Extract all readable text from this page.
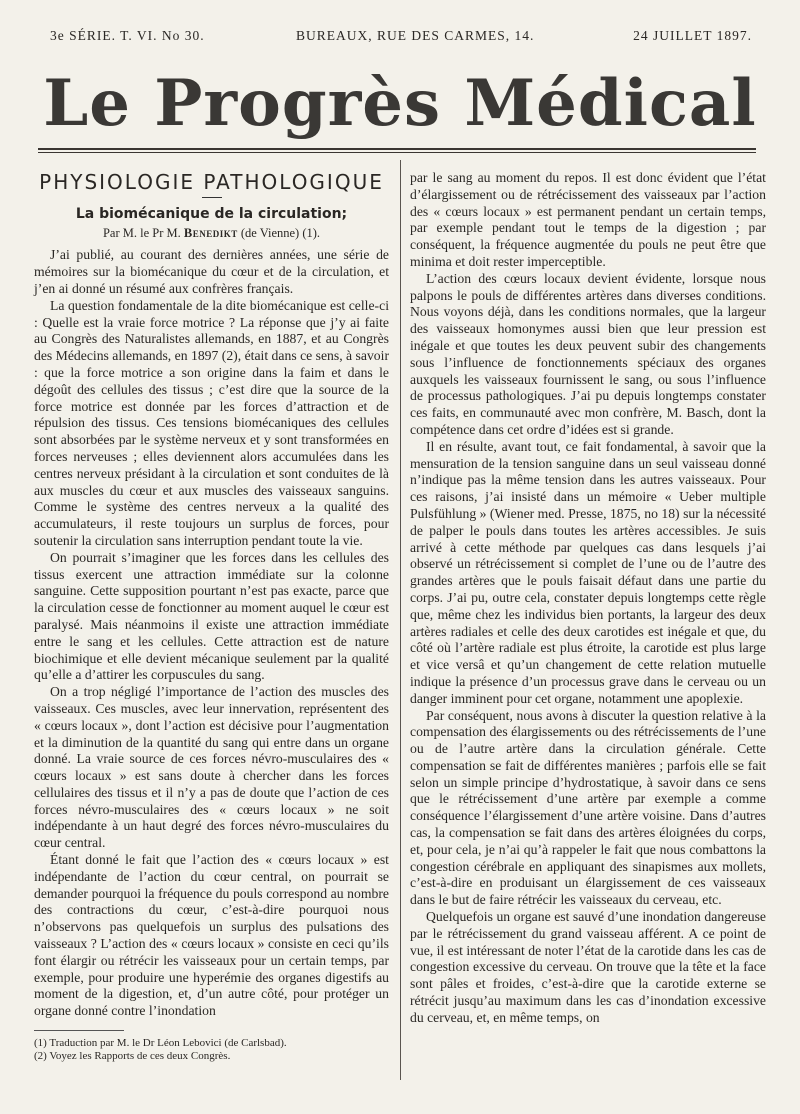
3e SÉRIE. T. VI. No 30.	BUREAUX, RUE DES CARMES, 14.	24 JUILLET 1897.
Le Progrès Médical
PHYSIOLOGIE PATHOLOGIQUE
La biomécanique de la circulation;
Par M. le Pr M. Benedikt (de Vienne) (1).

J’ai publié, au courant des dernières années, une série de mémoires sur la biomécanique du cœur et de la circulation, et j’en ai donné un résumé aux confrères français.

La question fondamentale de la dite biomécanique est celle-ci : Quelle est la vraie force motrice ? La réponse que j’y ai faite au Congrès des Naturalistes allemands, en 1887, et au Congrès des Médecins allemands, en 1897 (2), était dans ce sens, à savoir : que la force motrice a son origine dans la faim et dans le dégoût des cellules des tissus ; c’est dire que la source de la force motrice est donnée par les forces d’attraction et de répulsion des tissus. Ces tensions biomécaniques des cellules sont absorbées par le système nerveux et y sont transformées en forces nerveuses ; elles deviennent alors accumulées dans les centres nerveux présidant à la circulation et sont conduites de là aux muscles du cœur et aux muscles des vaisseaux sanguins. Comme le système des centres nerveux a la qualité des accumulateurs, il reste toujours un surplus de forces, pour soutenir la circulation sans interruption pendant toute la vie.

On pourrait s’imaginer que les forces dans les cellules des tissus exercent une attraction immédiate sur la colonne sanguine. Cette supposition pourtant n’est pas exacte, parce que la circulation cesse de fonctionner au moment auquel le cœur est paralysé. Mais néanmoins il existe une attraction immédiate entre le sang et les cellules. Cette attraction est de nature biochimique et elle devient mécanique seulement par la qualité qu’elle a d’attirer les corpuscules du sang.

On a trop négligé l’importance de l’action des muscles des vaisseaux. Ces muscles, avec leur innervation, représentent des « cœurs locaux », dont l’action est décisive pour l’augmentation et la diminution de la quantité du sang qui entre dans un organe donné. La vraie source de ces forces névro-musculaires des « cœurs locaux » est sans doute à chercher dans les forces cellulaires des tissus et il n’y a pas de doute que l’action de ces forces névro-musculaires des « cœurs locaux » ne soit indépendante à un haut degré des forces névro-musculaires du cœur central.

Étant donné le fait que l’action des « cœurs locaux » est indépendante de l’action du cœur central, on pourrait se demander pourquoi la fréquence du pouls correspond au nombre des contractions du cœur, c’est-à-dire pourquoi nous n’observons pas quelquefois un surplus des pulsations des vaisseaux ? L’action des « cœurs locaux » consiste en ceci qu’ils font élargir ou rétrécir les vaisseaux pour un certain temps, par exemple, pour produire une hyperémie des organes digestifs au moment de la digestion, et, d’un autre côté, pour protéger un organe donné contre l’inondation

(1) Traduction par M. le Dr Léon Lebovici (de Carlsbad).

(2) Voyez les Rapports de ces deux Congrès.

par le sang au moment du repos. Il est donc évident que l’état d’élargissement ou de rétrécissement des vaisseaux par l’action des « cœurs locaux » est permanent pendant un certain temps, par exemple pendant tout le temps de la digestion ; par conséquent, la fréquence augmentée du pouls ne peut être que minima et doit rester imperceptible.

L’action des cœurs locaux devient évidente, lorsque nous palpons le pouls de différentes artères dans diverses conditions. Nous voyons déjà, dans les conditions normales, que la largeur des vaisseaux homonymes aussi bien que leur pression est inégale et que toutes les deux peuvent subir des changements sous l’influence de fonctionnements spéciaux des organes auxquels les vaisseaux fournissent le sang, ou sous l’influence de processus pathologiques. J’ai pu depuis longtemps constater ces faits, en communauté avec mon confrère, M. Basch, dont la compétence dans cet ordre d’idées est si grande.

Il en résulte, avant tout, ce fait fondamental, à savoir que la mensuration de la tension sanguine dans un seul vaisseau donné n’indique pas la même tension dans les autres vaisseaux. Pour ces raisons, j’ai insisté dans un mémoire « Ueber multiple Pulsfühlung » (Wiener med. Presse, 1875, no 18) sur la nécessité de palper le pouls dans toutes les artères accessibles. Je suis arrivé à cette méthode par quelques cas dans lesquels j’ai observé un rétrécissement si complet de l’une ou de l’autre des grandes artères que le pouls faisait défaut dans une partie du corps. J’ai pu, outre cela, constater depuis longtemps cette règle que, même chez les individus bien portants, la largeur des deux artères radiales et celle des deux carotides est inégale et que, du côté où l’artère radiale est plus étroite, la carotide est plus large et vice versâ et qu’un changement de cette relation mutuelle indique la présence d’un processus grave dans le cerveau ou un danger imminent pour cet organe, notamment une apoplexie.

Par conséquent, nous avons à discuter la question relative à la compensation des élargissements ou des rétrécissements de l’une ou de l’autre artère dans la circulation générale. Cette compensation se fait de différentes manières ; parfois elle se fait selon un simple principe d’hydrostatique, à savoir dans ce sens que le rétrécissement d’une artère par exemple a comme conséquence l’élargissement d’une artère voisine. Dans d’autres cas, la compensation se fait dans des artères éloignées du corps, et, pour cela, je n’ai qu’à rappeler le fait que nous combattons la congestion cérébrale en appliquant des sinapismes aux mollets, c’est-à-dire en produisant un élargissement de ces vaisseaux dans le but de faire rétrécir les vaisseaux du cerveau, etc.

Quelquefois un organe est sauvé d’une inondation dangereuse par le rétrécissement du grand vaisseau afférent. A ce point de vue, il est intéressant de noter l’état de la carotide dans les cas de congestion excessive du cerveau. On trouve que la tête et la face sont pâles et froides, c’est-à-dire que la carotide externe se rétrécit jusqu’au maximum dans les cas d’inondation excessive du cerveau, et, en même temps, on
